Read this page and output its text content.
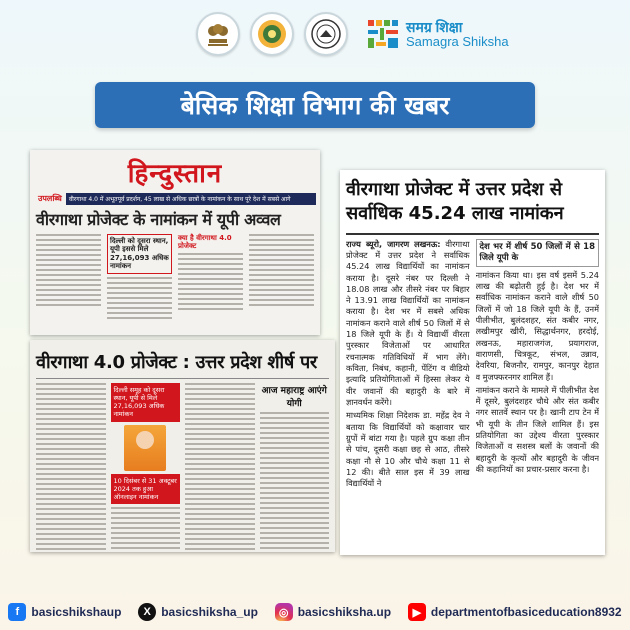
समग्र शिक्षा
Samagra Shiksha
बेसिक शिक्षा विभाग की खबर
हिन्दुस्तान
उपलब्धि	वीरगाथा 4.0 में अभूतपूर्व प्रदर्शन, 45 लाख से अधिक छात्रों के नामांकन के साथ पूरे देश में सबसे आगे
वीरगाथा प्रोजेक्ट के नामांकन में यूपी अव्वल
दिल्ली को दूसरा स्थान, यूपी इससे मिले 27,16,093 अधिक नामांकन
क्या है वीरगाथा 4.0 प्रोजेक्ट
वीरगाथा 4.0 प्रोजेक्ट : उत्तर प्रदेश शीर्ष पर
दिल्ली समूह को दूसरा स्थान, यूपी से मिले 27,16,093 अधिक नामांकन
10 दिसंबर से 31 अक्टूबर 2024 तक हुआ ऑनलाइन नामांकन
आज महाराष्ट्र आएंगे योगी
वीरगाथा प्रोजेक्ट में उत्तर प्रदेश से सर्वाधिक 45.24 लाख नामांकन

राज्य ब्यूरो, जागरण लखनऊ: वीरगाथा प्रोजेक्ट में उत्तर प्रदेश ने सर्वाधिक 45.24 लाख विद्यार्थियों का नामांकन कराया है। दूसरे नंबर पर दिल्ली ने 18.08 लाख और तीसरे नंबर पर बिहार ने 13.91 लाख विद्यार्थियों का नामांकन कराया है। देश भर में सबसे अधिक नामांकन कराने वाले शीर्ष 50 जिलों में से 18 जिले यूपी के हैं। ये विद्यार्थी वीरता पुरस्कार विजेताओं पर आधारित रचनात्मक गतिविधियों में भाग लेंगे। कविता, निबंध, कहानी, पेंटिंग व वीडियो इत्यादि प्रतियोगिताओं में हिस्सा लेकर ये वीर जवानों की बहादुरी के बारे में ज्ञानवर्धन करेंगे।

माध्यमिक शिक्षा निदेशक डा. महेंद्र देव ने बताया कि विद्यार्थियों को कक्षावार चार ग्रुपों में बांटा गया है। पहले ग्रुप कक्षा तीन से पांच, दूसरी कक्षा छह से आठ, तीसरे कक्षा नौ से 10 और चौथे कक्षा 11 से 12 की। बीते साल इस में 39 लाख विद्यार्थियों ने

देश भर में शीर्ष 50 जिलों में से 18 जिले यूपी के

नामांकन किया था। इस वर्ष इसमें 5.24 लाख की बढ़ोतरी हुई है। देश भर में सर्वाधिक नामांकन कराने वाले शीर्ष 50 जिलों में जो 18 जिले यूपी के हैं, उनमें पीलीभीत, बुलंदशहर, संत कबीर नगर, लखीमपुर खीरी, सिद्धार्थनगर, हरदोई, लखनऊ, महाराजगंज, प्रयागराज, वाराणसी, चित्रकूट, संभल, उन्नाव, देवरिया, बिजनौर, रामपुर, कानपुर देहात व मुजफ्फरनगर शामिल हैं।

नामांकन कराने के मामले में पीलीभीत देश में दूसरे, बुलंदशहर चौथे और संत कबीर नगर सातवें स्थान पर है। खानी टाप टेन में भी यूपी के तीन जिले शामिल हैं। इस प्रतियोगिता का उद्देश्य वीरता पुरस्कार विजेताओं व सशस्त्र बलों के जवानों की बहादुरी के कृत्यों और बहादुरी के जीवन की कहानियों का प्रचार-प्रसार करना है।

f	basicshikshaup	X basicshiksha_up	◎ basicshiksha.up	▶ departmentofbasiceducation8932
